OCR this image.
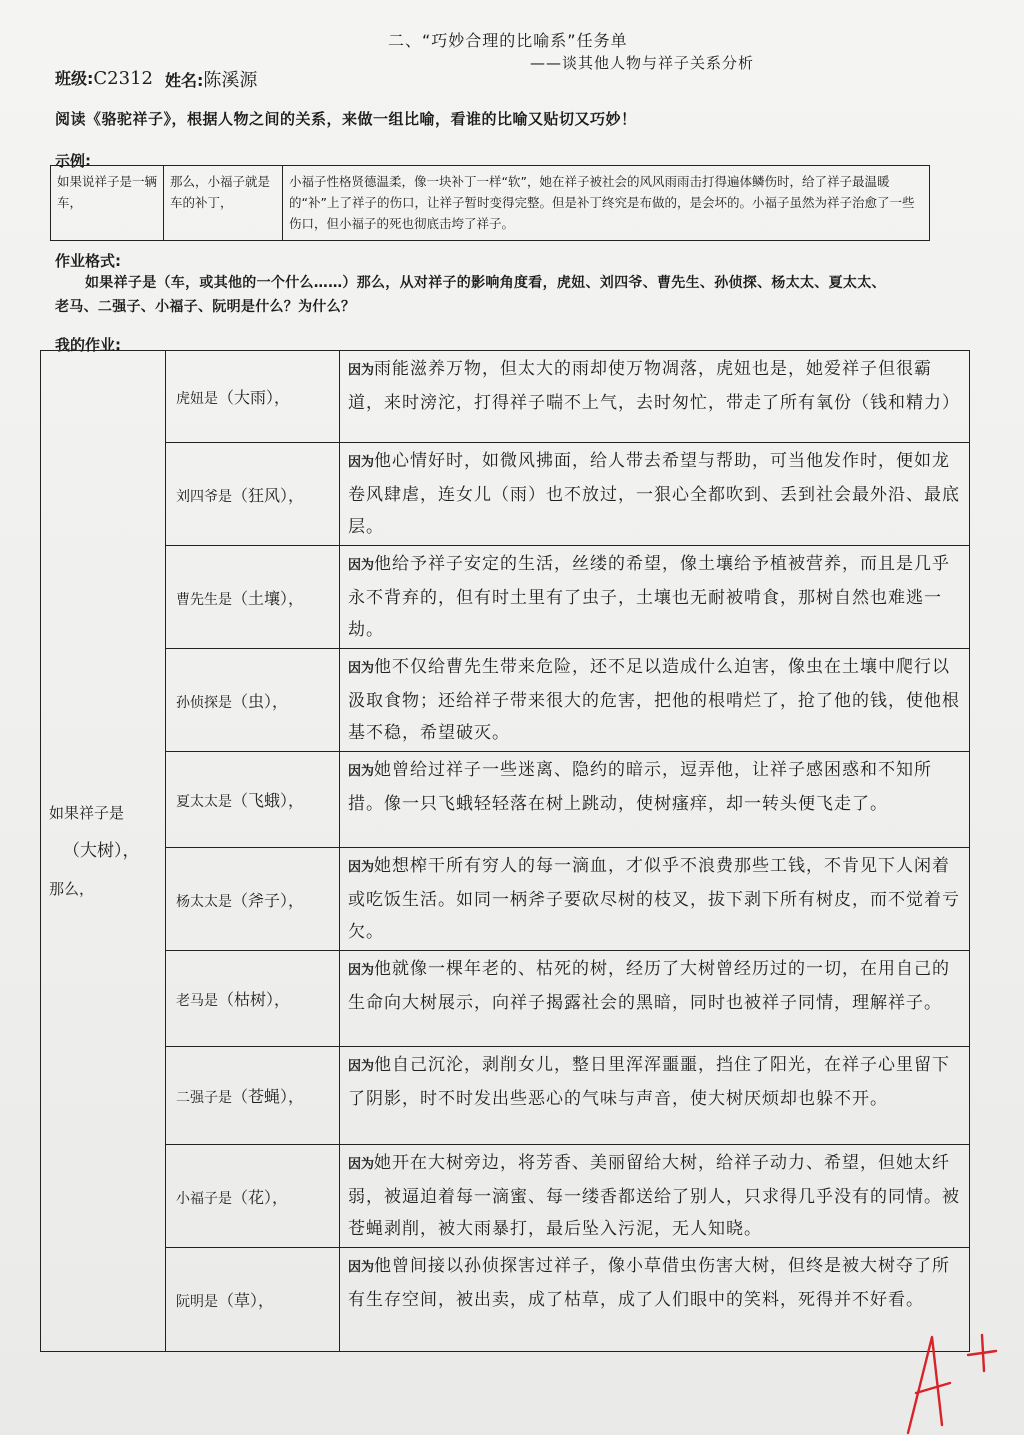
二、“巧妙合理的比喻系”任务单
——谈其他人物与祥子关系分析
班级:C2312 姓名:陈溪源
阅读《骆驼祥子》，根据人物之间的关系，来做一组比喻，看谁的比喻又贴切又巧妙！
示例:
如果说祥子是一辆车，	那么，小福子就是车的补丁，	小福子性格贤德温柔，像一块补丁一样“软”，她在祥子被社会的风风雨雨击打得遍体鳞伤时，给了祥子最温暖的“补”上了祥子的伤口，让祥子暂时变得完整。但是补丁终究是布做的，是会坏的。小福子虽然为祥子治愈了一些伤口，但小福子的死也彻底击垮了祥子。
作业格式:
如果祥子是（车，或其他的一个什么……）那么，从对祥子的影响角度看，虎妞、刘四爷、曹先生、孙侦探、杨太太、夏太太、
老马、二强子、小福子、阮明是什么？为什么？
我的作业:
如果祥子是
（大树），
那么，	虎妞是（大雨），	因为雨能滋养万物，但太大的雨却使万物凋落，虎妞也是，她爱祥子但很霸道，来时滂沱，打得祥子喘不上气，去时匆忙，带走了所有氧份（钱和精力）
	刘四爷是（狂风），	因为他心情好时，如微风拂面，给人带去希望与帮助，可当他发作时，便如龙卷风肆虐，连女儿（雨）也不放过，一狠心全都吹到、丢到社会最外沿、最底层。
	曹先生是（土壤），	因为他给予祥子安定的生活，丝缕的希望，像土壤给予植被营养，而且是几乎永不背弃的，但有时土里有了虫子，土壤也无耐被啃食，那树自然也难逃一劫。
	孙侦探是（虫），	因为他不仅给曹先生带来危险，还不足以造成什么迫害，像虫在土壤中爬行以汲取食物；还给祥子带来很大的危害，把他的根啃烂了，抢了他的钱，使他根基不稳，希望破灭。
	夏太太是（飞蛾），	因为她曾给过祥子一些迷离、隐约的暗示，逗弄他，让祥子感困惑和不知所措。像一只飞蛾轻轻落在树上跳动，使树瘙痒，却一转头便飞走了。
	杨太太是（斧子），	因为她想榨干所有穷人的每一滴血，才似乎不浪费那些工钱，不肯见下人闲着或吃饭生活。如同一柄斧子要砍尽树的枝叉，拔下剥下所有树皮，而不觉着亏欠。
	老马是（枯树），	因为他就像一棵年老的、枯死的树，经历了大树曾经历过的一切，在用自己的生命向大树展示，向祥子揭露社会的黑暗，同时也被祥子同情，理解祥子。
	二强子是（苍蝇），	因为他自己沉沦，剥削女儿，整日里浑浑噩噩，挡住了阳光，在祥子心里留下了阴影，时不时发出些恶心的气味与声音，使大树厌烦却也躲不开。
	小福子是（花），	因为她开在大树旁边，将芳香、美丽留给大树，给祥子动力、希望，但她太纤弱，被逼迫着每一滴蜜、每一缕香都送给了别人，只求得几乎没有的同情。被苍蝇剥削，被大雨暴打，最后坠入污泥，无人知晓。
	阮明是（草），	因为他曾间接以孙侦探害过祥子，像小草借虫伤害大树，但终是被大树夺了所有生存空间，被出卖，成了枯草，成了人们眼中的笑料，死得并不好看。
